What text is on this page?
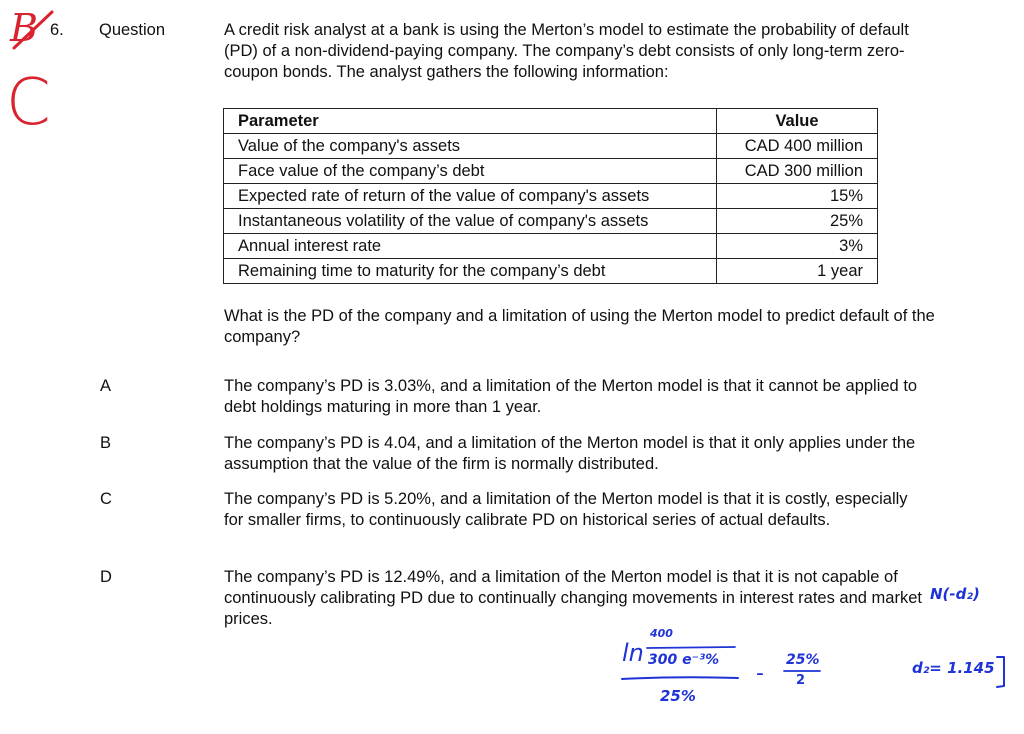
6. Question	A credit risk analyst at a bank is using the Merton’s model to estimate the probability of default (PD) of a non-dividend-paying company. The company’s debt consists of only long-term zero-coupon bonds. The analyst gathers the following information:
Parameter	Value
Value of the company's assets	CAD 400 million
Face value of the company’s debt	CAD 300 million
Expected rate of return of the value of company's assets	15%
Instantaneous volatility of the value of company's assets	25%
Annual interest rate	3%
Remaining time to maturity for the company’s debt	1 year
What is the PD of the company and a limitation of using the Merton model to predict default of the company?
A	The company’s PD is 3.03%, and a limitation of the Merton model is that it cannot be applied to debt holdings maturing in more than 1 year.
B	The company’s PD is 4.04, and a limitation of the Merton model is that it only applies under the assumption that the value of the firm is normally distributed.
C	The company’s PD is 5.20%, and a limitation of the Merton model is that it is costly, especially for smaller firms, to continuously calibrate PD on historical series of actual defaults.
D	The company’s PD is 12.49%, and a limitation of the Merton model is that it is not capable of continuously calibrating PD due to continually changing movements in interest rates and market prices.
B
C
ln
400
300 e⁻³%
25%
-
25%
2
N(-d₂)
d₂= 1.145
